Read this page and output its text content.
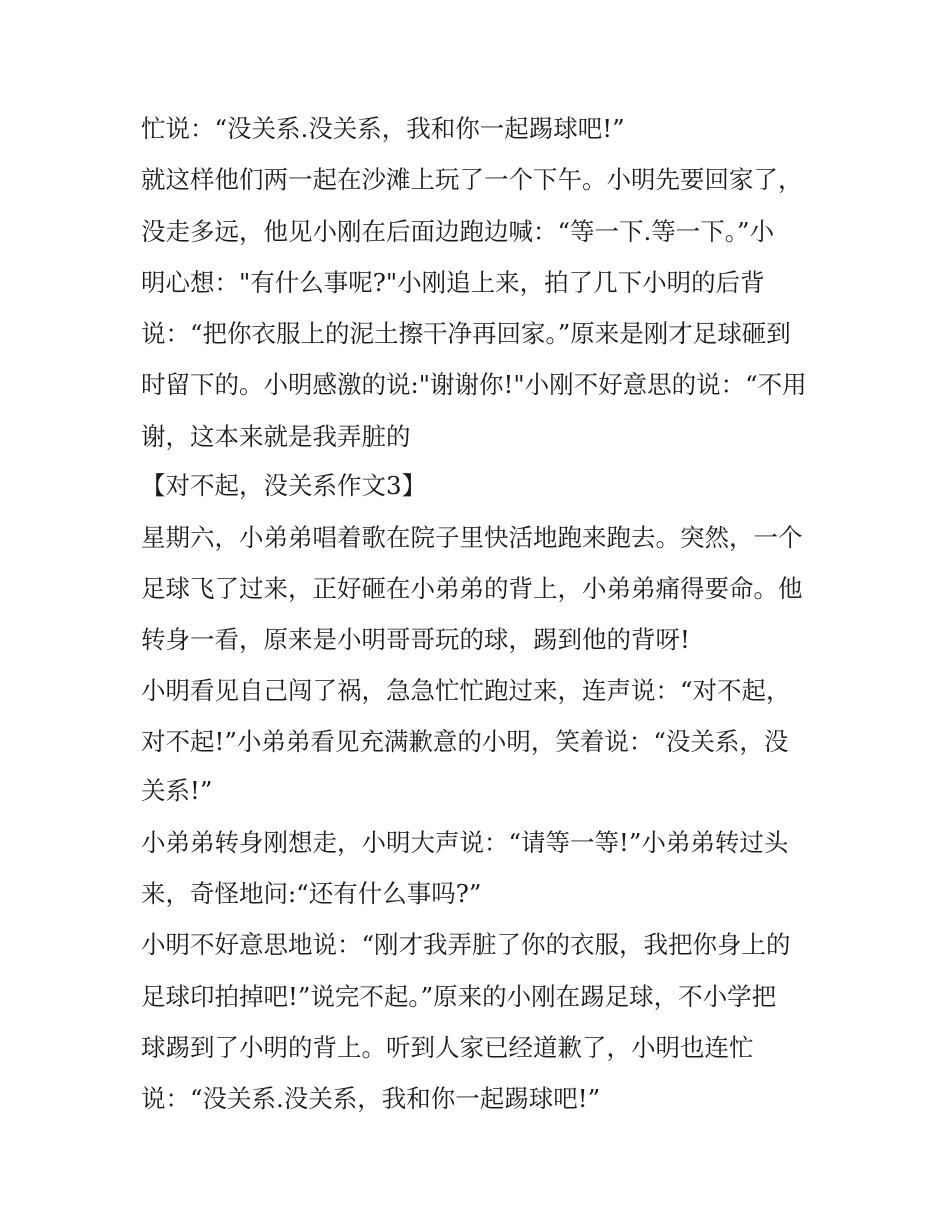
忙说：“没关系.没关系，我和你一起踢球吧!”
就这样他们两一起在沙滩上玩了一个下午。小明先要回家了，
没走多远，他见小刚在后面边跑边喊：“等一下.等一下。”小
明心想："有什么事呢?"小刚追上来，拍了几下小明的后背
说：“把你衣服上的泥土擦干净再回家。”原来是刚才足球砸到
时留下的。小明感激的说:"谢谢你!"小刚不好意思的说：“不用
谢，这本来就是我弄脏的
【对不起，没关系作文3】
星期六，小弟弟唱着歌在院子里快活地跑来跑去。突然，一个
足球飞了过来，正好砸在小弟弟的背上，小弟弟痛得要命。他
转身一看，原来是小明哥哥玩的球，踢到他的背呀!
小明看见自己闯了祸，急急忙忙跑过来，连声说：“对不起，
对不起!”小弟弟看见充满歉意的小明，笑着说：“没关系，没
关系!”
小弟弟转身刚想走，小明大声说：“请等一等!”小弟弟转过头
来，奇怪地问:“还有什么事吗?”
小明不好意思地说：“刚才我弄脏了你的衣服，我把你身上的
足球印拍掉吧!”说完不起。”原来的小刚在踢足球，不小学把
球踢到了小明的背上。听到人家已经道歉了，小明也连忙
说：“没关系.没关系，我和你一起踢球吧!”
